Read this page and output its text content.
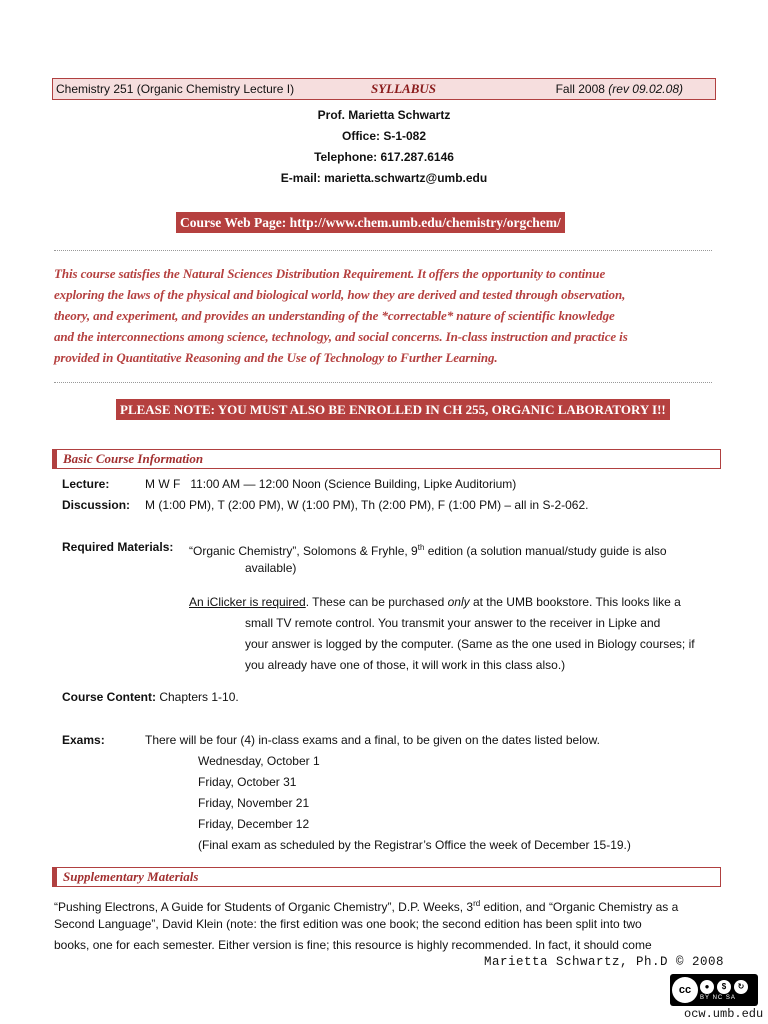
Chemistry 251 (Organic Chemistry Lecture I)	SYLLABUS	Fall 2008 (rev 09.02.08)
Prof. Marietta Schwartz
Office: S-1-082
Telephone: 617.287.6146
E-mail: marietta.schwartz@umb.edu
Course Web Page: http://www.chem.umb.edu/chemistry/orgchem/
This course satisfies the Natural Sciences Distribution Requirement. It offers the opportunity to continue
exploring the laws of the physical and biological world, how they are derived and tested through observation,
theory, and experiment, and provides an understanding of the *correctable* nature of scientific knowledge
and the interconnections among science, technology, and social concerns. In-class instruction and practice is
provided in Quantitative Reasoning and the Use of Technology to Further Learning.
PLEASE NOTE: YOU MUST ALSO BE ENROLLED IN CH 255, ORGANIC LABORATORY I!!
Basic Course Information
Lecture:	M W F   11:00 AM — 12:00 Noon (Science Building, Lipke Auditorium)
Discussion: M (1:00 PM), T (2:00 PM), W (1:00 PM), Th (2:00 PM), F (1:00 PM) – all in S-2-062.
Required Materials: “Organic Chemistry”, Solomons & Fryhle, 9th edition (a solution manual/study guide is also
available)
An iClicker is required. These can be purchased only at the UMB bookstore. This looks like a
small TV remote control. You transmit your answer to the receiver in Lipke and
your answer is logged by the computer. (Same as the one used in Biology courses; if
you already have one of those, it will work in this class also.)
Course Content: Chapters 1-10.
Exams:	There will be four (4) in-class exams and a final, to be given on the dates listed below.
Wednesday, October 1
Friday, October 31
Friday, November 21
Friday, December 12
(Final exam as scheduled by the Registrar’s Office the week of December 15-19.)
Supplementary Materials
“Pushing Electrons, A Guide for Students of Organic Chemistry”, D.P. Weeks, 3rd edition, and “Organic Chemistry as a
Second Language”, David Klein (note: the first edition was one book; the second edition has been split into two
books, one for each semester. Either version is fine; this resource is highly recommended. In fact, it should come
Marietta Schwartz, Ph.D © 2008
cc	●	$	↻
BY NC SA
ocw.umb.edu
